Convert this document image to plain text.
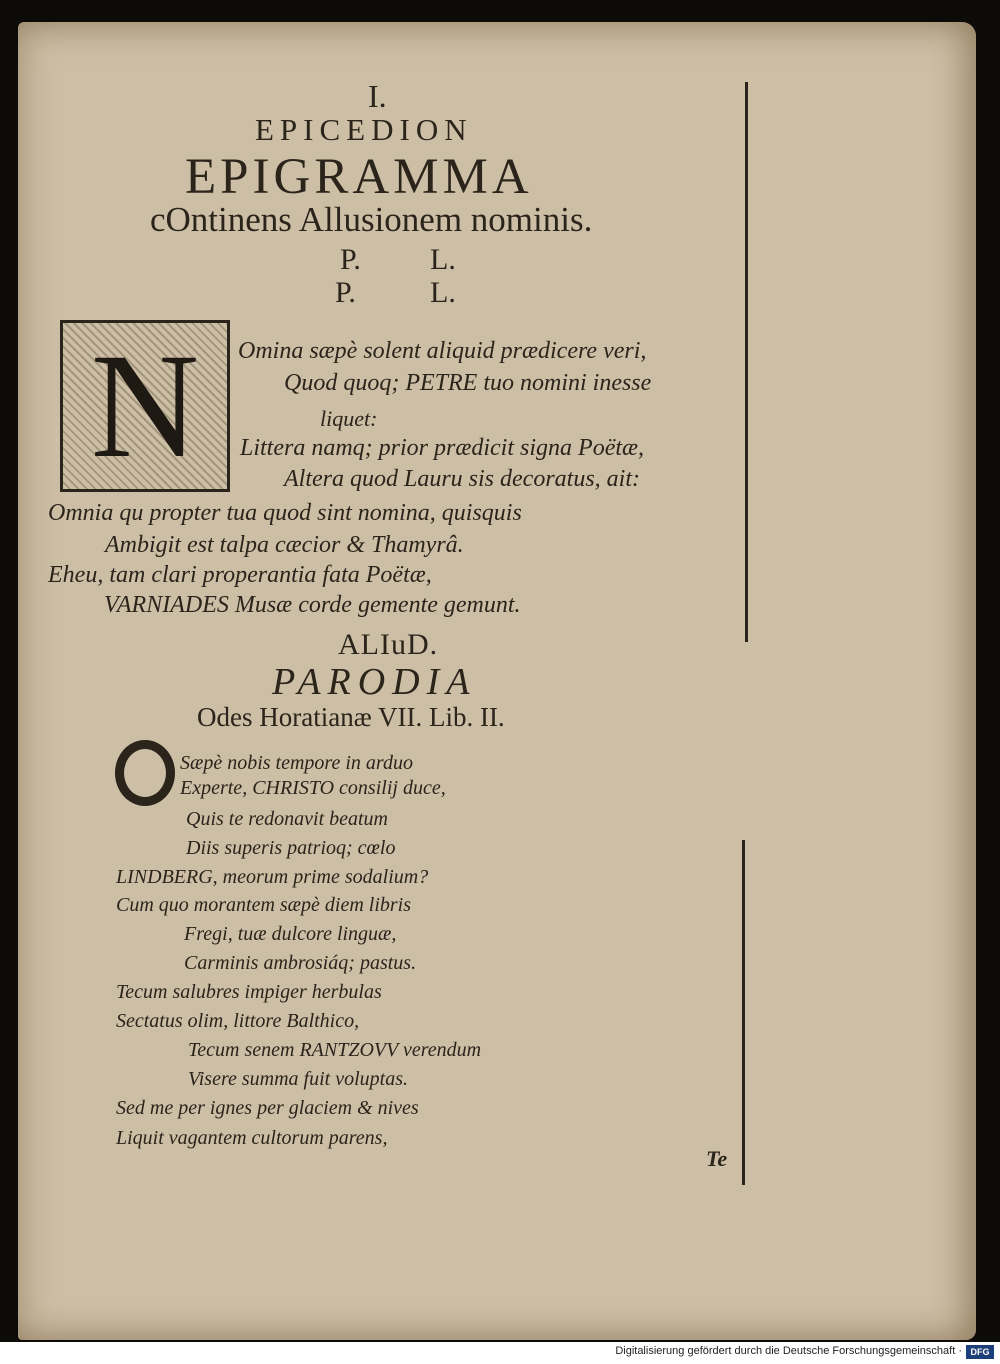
I.
EPICEDION
EPIGRAMMA
cOntinens Allusionem nominis.
P. L.
P. L.
N	Omina sæpè solent aliquid prædicere veri,
Quod quoq; PETRE tuo nomini inesse
liquet:
Littera namq; prior prædicit signa Poëtæ,
Altera quod Lauru sis decoratus, ait:
Omnia qu propter tua quod sint nomina, quisquis
Ambigit est talpa cæcior & Thamyrâ.
Eheu, tam clari properantia fata Poëtæ,
VARNIADES Musæ corde gemente gemunt.
ALIuD.
PARODIA
Odes Horatianæ VII. Lib. II.
Sæpè nobis tempore in arduo
Experte, CHRISTO consilij duce,
Quis te redonavit beatum
Diis superis patrioq; cœlo
LINDBERG, meorum prime sodalium?
Cum quo morantem sæpè diem libris
Fregi, tuæ dulcore linguæ,
Carminis ambrosiáq; pastus.
Tecum salubres impiger herbulas
Sectatus olim, littore Balthico,
Tecum senem RANTZOVV verendum
Visere summa fuit voluptas.
Sed me per ignes per glaciem & nives
Liquit vagantem cultorum parens,
Te
Digitalisierung gefördert durch die Deutsche Forschungsgemeinschaft · DFG
